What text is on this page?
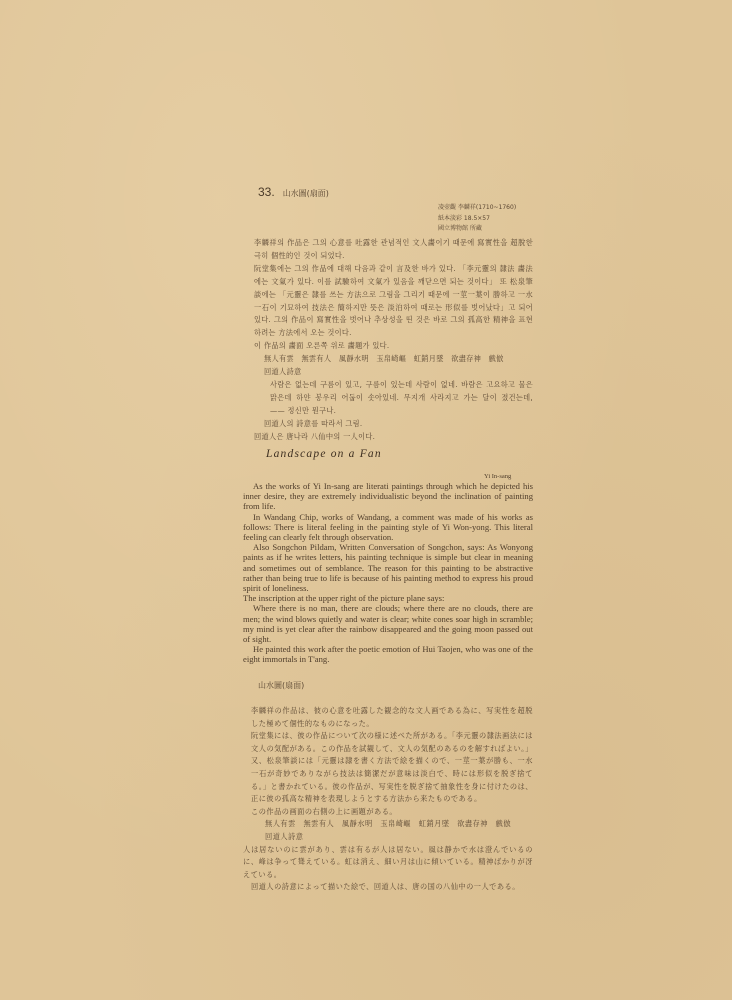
33. 山水圖(扇面)
凌壺觀 李麟祥(1710~1760)
紙本淡彩 18.5×57
國立博物館 所藏

李麟祥의 作品은 그의 心意를 吐露한 관념적인 文人畵이기 때문에 寫實性을 超脫한 극히 個性的인 것이 되었다.

阮堂集에는 그의 作品에 대해 다음과 같이 言及한 바가 있다. 「李元靈의 隷法 畵法에는 文氣가 있다. 이를 試驗하여 文氣가 있음을 깨닫으면 되는 것이다」 또 松泉筆談에는 「元靈은 隷를 쓰는 方法으로 그림을 그리기 때문에 一莖一葉이 勝하고 一水一石이 기묘하여 技法은 簡하지만 뜻은 淡泊하여 때로는 形似를 벗어났다」고 되어있다. 그의 作品이 寫實性을 벗어나 추상성을 띤 것은 바로 그의 孤高한 精神을 표현하려는 方法에서 오는 것이다.

이 作品의 畵面 오른쪽 위로 畵題가 있다.

無人有雲　無雲有人　風靜水明　玉帛崎嶇　虹銷月墜　欲盡存神　戲倣

回道人詩意

사람은 없는데 구름이 있고, 구름이 있는데 사람이 없네. 바람은 고요하고 물은 맑은데 하얀 봉우리 어둡이 솟아있네. 무지개 사라지고 가는 달이 졌건는데, —— 정신만 뭔구나.

回道人의 詩意를 따라서 그림.

回道人은 唐나라 八仙中의 一人이다.

Landscape on a Fan
Yi In-sang

As the works of Yi In-sang are literati paintings through which he depicted his inner desire, they are extremely individualistic beyond the inclination of painting from life.

In Wandang Chip, works of Wandang, a comment was made of his works as follows: There is literal feeling in the painting style of Yi Won-yong. This literal feeling can clearly felt through observation.

Also Songchon Pildam, Written Conversation of Songchon, says: As Wonyong paints as if he writes letters, his painting technique is simple but clear in meaning and sometimes out of semblance. The reason for this painting to be abstractive rather than being true to life is because of his painting method to express his proud spirit of loneliness.

The inscription at the upper right of the picture plane says:

Where there is no man, there are clouds; where there are no clouds, there are men; the wind blows quietly and water is clear; white cones soar high in scramble; my mind is yet clear after the rainbow disappeared and the going moon passed out of sight.

He painted this work after the poetic emotion of Hui Taojen, who was one of the eight immortals in T'ang.

山水圖(扇面)

李麟祥の作品は、彼の心意を吐露した観念的な文人画である為に、写実性を超脱した極めて個性的なものになった。

阮堂集には、彼の作品について次の様に述べた所がある。「李元靈の隷法画法には文人の気配がある。この作品を試観して、文人の気配のあるのを解すればよい。」又、松泉筆談には「元靈は隷を書く方法で絵を描くので、一莖一葉が勝も、一水一石が奇妙でありながら技法は簡潔だが意味は淡白で、時には形似を脱ぎ捨てる。」と書かれている。彼の作品が、写実性を脱ぎ捨て抽象性を身に付けたのは、正に彼の孤高な精神を表現しようとする方法から来たものである。

この作品の画面の右側の上に画題がある。

無人有雲　無雲有人　風靜水明　玉帛崎嶇　虹銷月墜　欲盡存神　戲倣

回道人詩意

人は居ないのに雲があり、雲は有るが人は居ない。風は静かで水は澄んでいるのに、峰は争って聳えている。虹は消え、細い月は山に傾いている。精神ばかりが冴えている。

回道人の詩意によって描いた絵で、回道人は、唐の国の八仙中の一人である。
